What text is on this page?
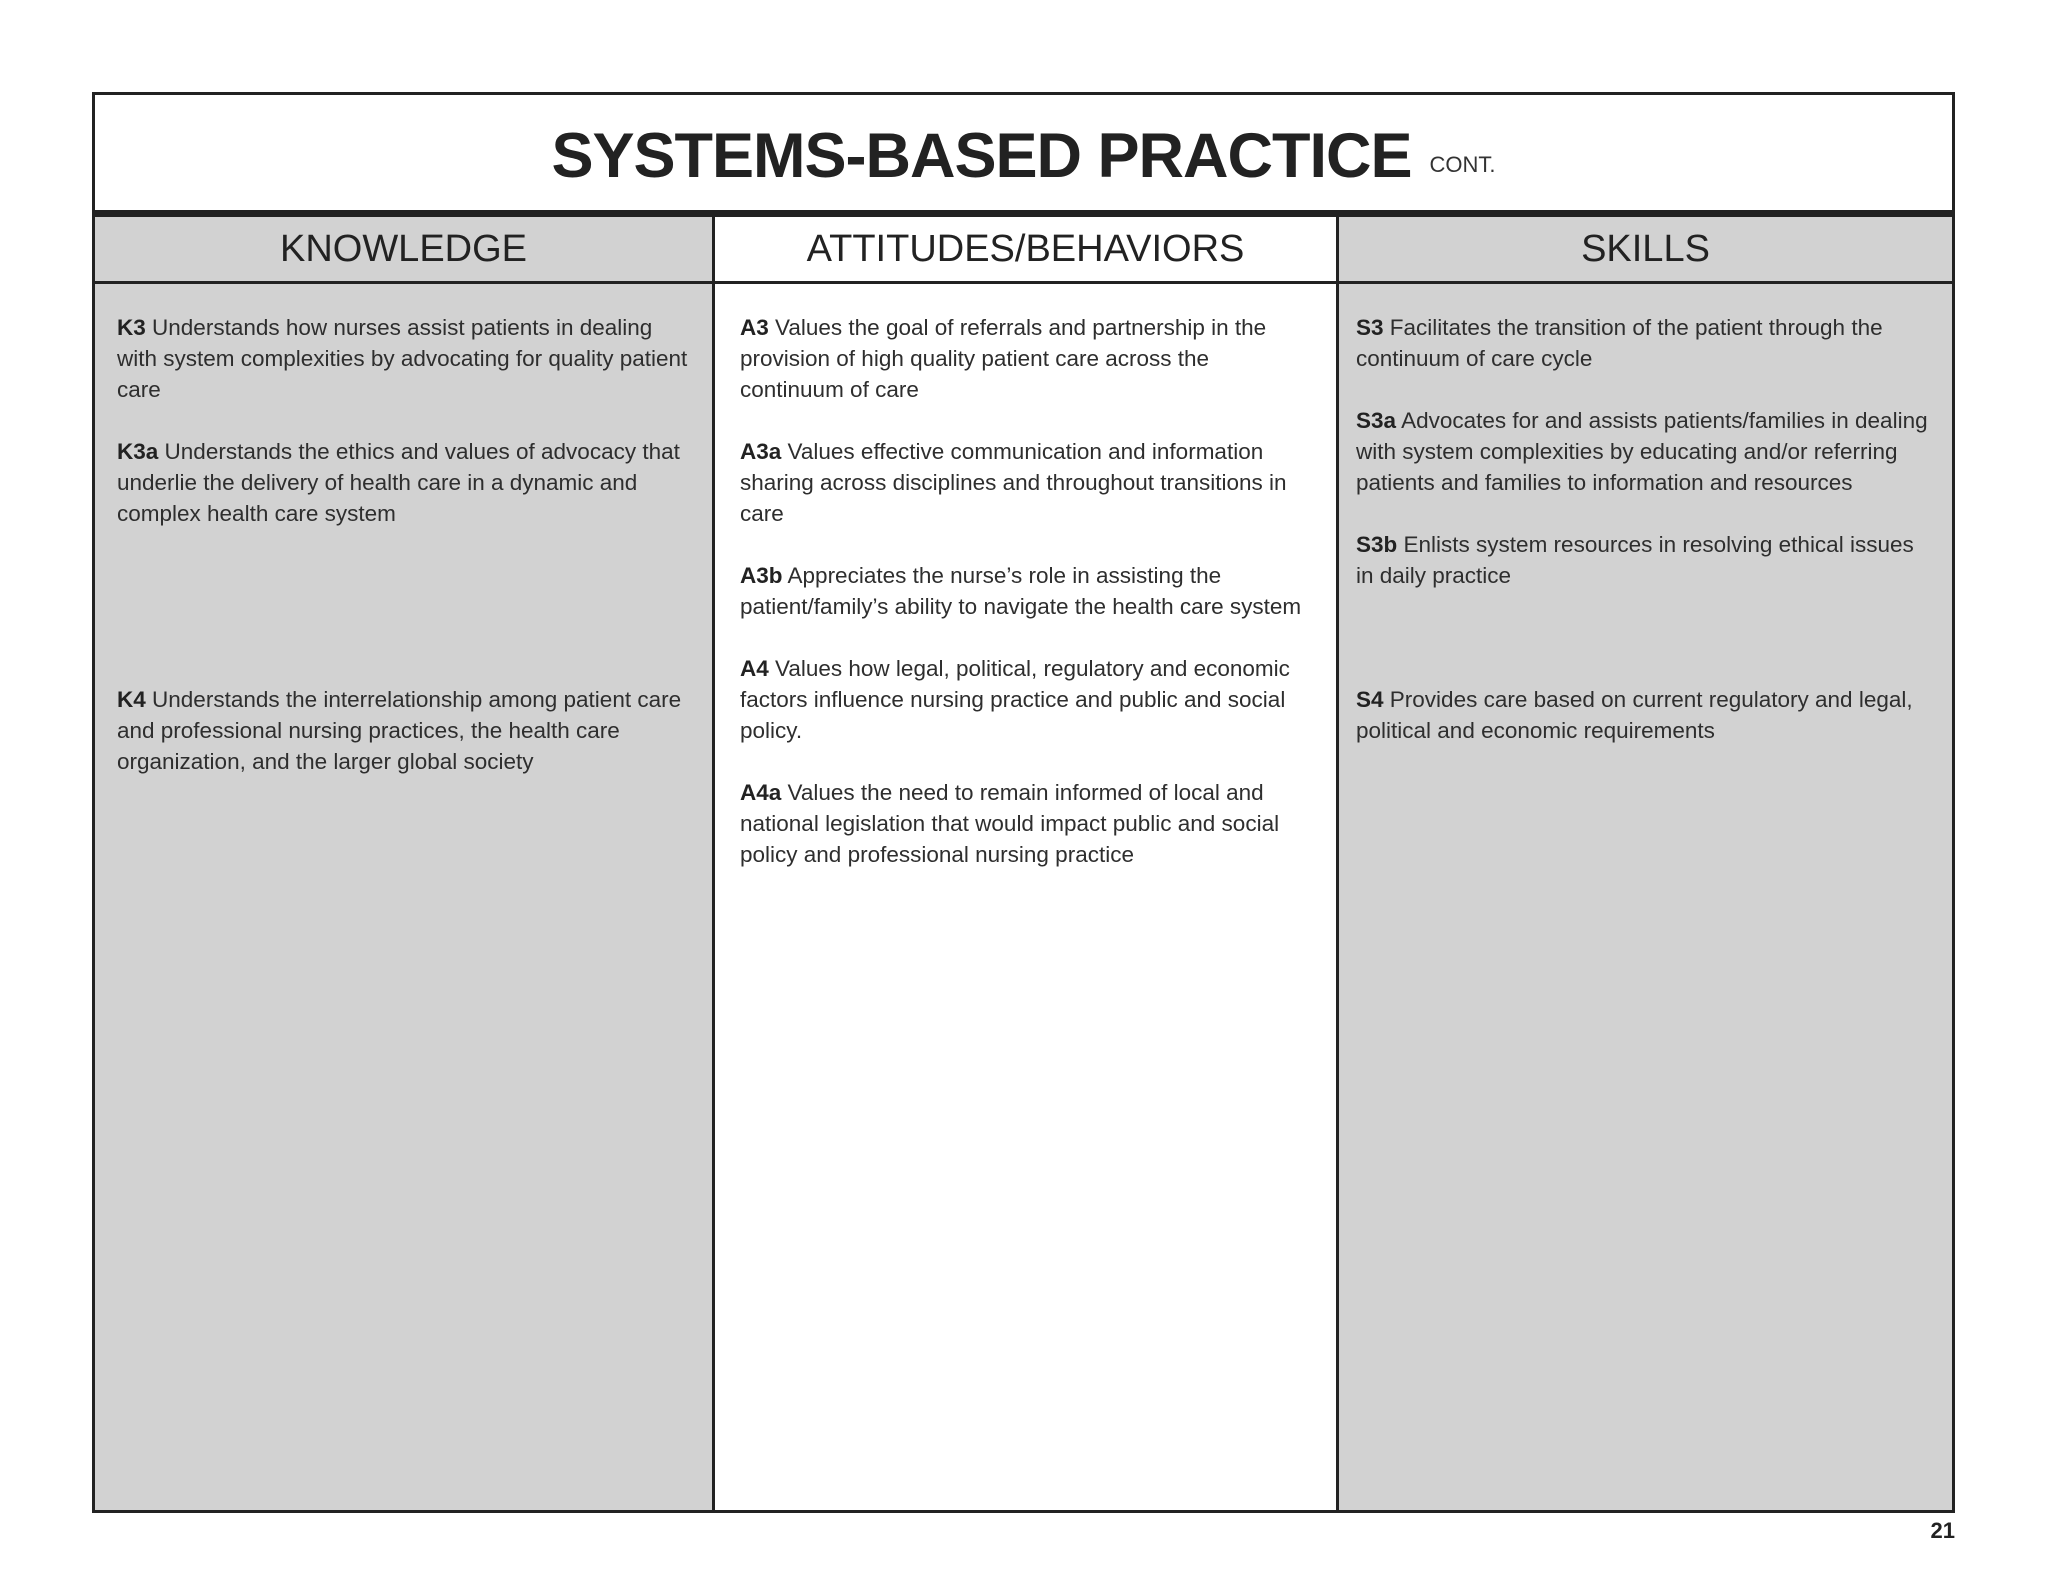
SYSTEMS-BASED PRACTICE CONT.
KNOWLEDGE

K3 Understands how nurses assist patients in dealing with system complexities by advocating for quality patient care

K3a Understands the ethics and values of advocacy that underlie the delivery of health care in a dynamic and complex health care system

K4 Understands the interrelationship among patient care and professional nursing practices, the health care organization, and the larger global society

ATTITUDES/BEHAVIORS

A3 Values the goal of referrals and partnership in the provision of high quality patient care across the continuum of care

A3a Values effective communication and information sharing across disciplines and throughout transitions in care

A3b Appreciates the nurse’s role in assisting the patient/family’s ability to navigate the health care system

A4 Values how legal, political, regulatory and economic factors influence nursing practice and public and social policy.

A4a Values the need to remain informed of local and national legislation that would impact public and social policy and professional nursing practice

SKILLS

S3 Facilitates the transition of the patient through the continuum of care cycle

S3a Advocates for and assists patients/families in dealing with system complexities by educating and/or referring patients and families to information and resources

S3b Enlists system resources in resolving ethical issues in daily practice

S4 Provides care based on current regulatory and legal, political and economic requirements

21
